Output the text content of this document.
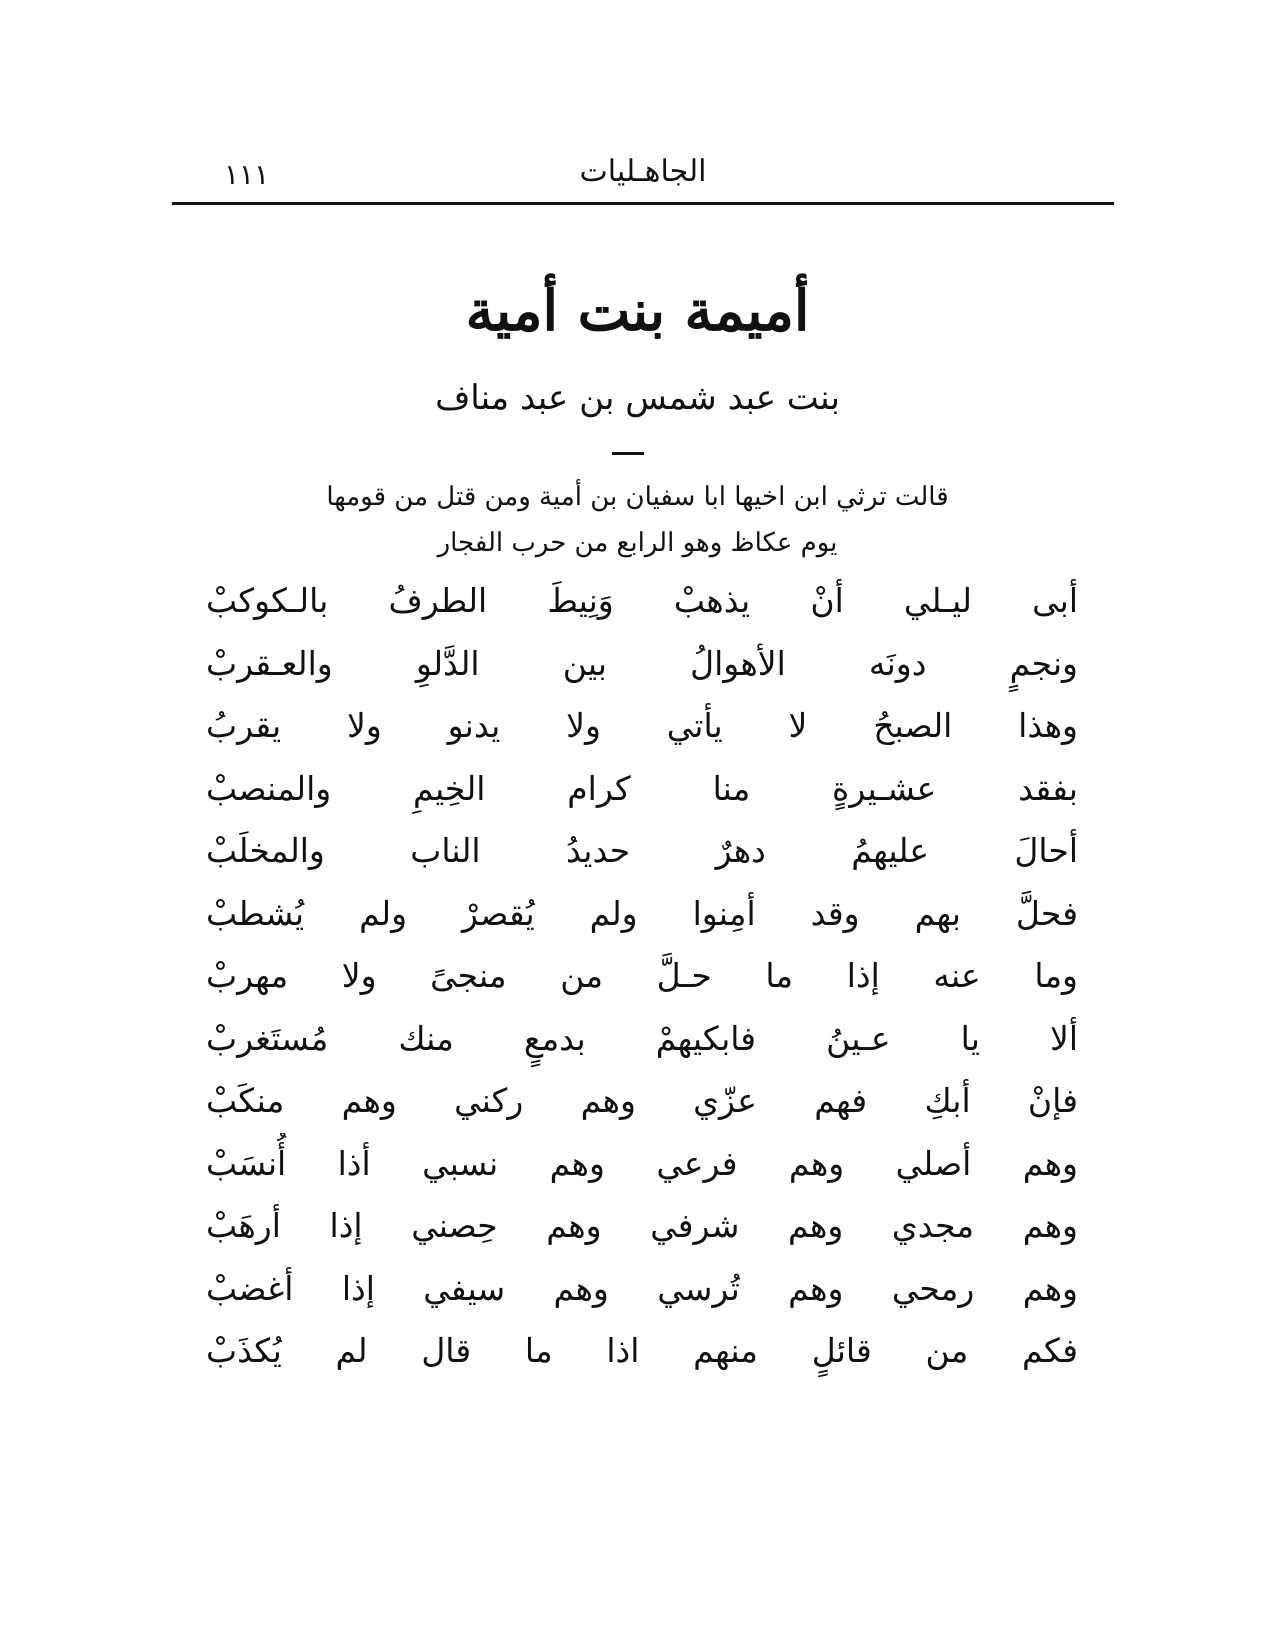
١١١	الجاهـليات
أميمة بنت أمية
بنت عبد شمس بن عبد مناف
قالت ترثي ابن اخيها ابا سفيان بن أمية ومن قتل من قومها
يوم عكاظ وهو الرابع من حرب الفجار
أبى ليـلي أنْ يذهبْ وَنِيطَ الطرفُ بالـكوكبْ
ونجمٍ دونَه الأهوالُ بين الدَّلوِ والعـقربْ
وهذا الصبحُ لا يأتي ولا يدنو ولا يقربُ
بفقد عشـيرةٍ منا كرام الخِيمِ والمنصبْ
أحالَ عليهمُ دهرٌ حديدُ الناب والمخلَبْ
فحلَّ بهم وقد أمِنوا ولم يُقصرْ ولم يُشطبْ
وما عنه إذا ما حـلَّ من منجىً ولا مهربْ
ألا يا عـينُ فابكيهمْ بدمعٍ منك مُستَغربْ
فإنْ أبكِ فهم عزّي وهم ركني وهم منكَبْ
وهم أصلي وهم فرعي وهم نسبي أذا أُنسَبْ
وهم مجدي وهم شرفي وهم حِصني إذا أرهَبْ
وهم رمحي وهم تُرسي وهم سيفي إذا أغضبْ
فكم من قائلٍ منهم اذا ما قال لم يُكذَبْ
